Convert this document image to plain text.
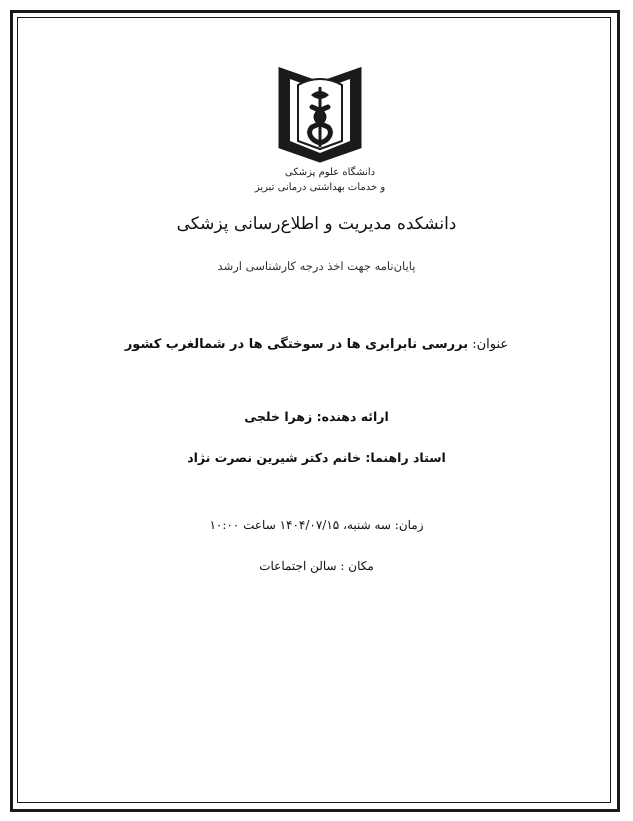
دانشگاه علوم پزشکی
و خدمات بهداشتی درمانی تبریز
دانشکده مدیریت و اطلاع‌رسانی پزشکی
پایان‌نامه جهت اخذ درجه کارشناسی ارشد
عنوان: بررسی نابرابری ها در سوختگی ها در شمالغرب کشور
ارائه دهنده: زهرا خلجی
استاد راهنما: خانم دکتر شیرین نصرت نژاد
زمان: سه شنبه، ۱۴۰۴/۰۷/۱۵ ساعت ۱۰:۰۰
مکان : سالن اجتماعات
